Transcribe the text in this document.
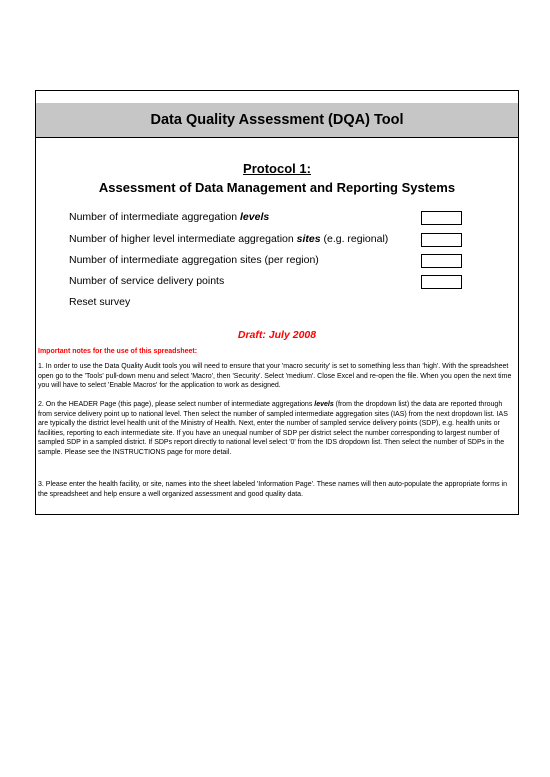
Data Quality Assessment (DQA) Tool
Protocol 1:
Assessment of Data Management and Reporting Systems
Number of intermediate aggregation levels
Number of higher level intermediate aggregation sites (e.g. regional)
Number of intermediate aggregation sites (per region)
Number of service delivery points
Reset survey
Draft: July 2008
Important notes for the use of this spreadsheet:
1. In order to use the Data Quality Audit tools you will need to ensure that your 'macro security' is set to something less than 'high'. With the spreadsheet open go to the 'Tools' pull-down menu and select 'Macro', then 'Security'. Select 'medium'. Close Excel and re-open the file. When you open the next time you will have to select 'Enable Macros' for the application to work as designed.
2. On the HEADER Page (this page), please select number of intermediate aggregations levels (from the dropdown list) the data are reported through from service delivery point up to national level. Then select the number of sampled intermediate aggregation sites (IAS) from the next dropdown list. IAS are typically the district level health unit of the Ministry of Health. Next, enter the number of sampled service delivery points (SDP), e.g. health units or facilities, reporting to each intermediate site. If you have an unequal number of SDP per district select the number corresponding to largest number of sampled SDP in a sampled district. If SDPs report directly to national level select '0' from the IDS dropdown list. Then select the number of SDPs in the sample. Please see the INSTRUCTIONS page for more detail.
3. Please enter the health facility, or site, names into the sheet labeled 'Information Page'. These names will then auto-populate the appropriate forms in the spreadsheet and help ensure a well organized assessment and good quality data.
